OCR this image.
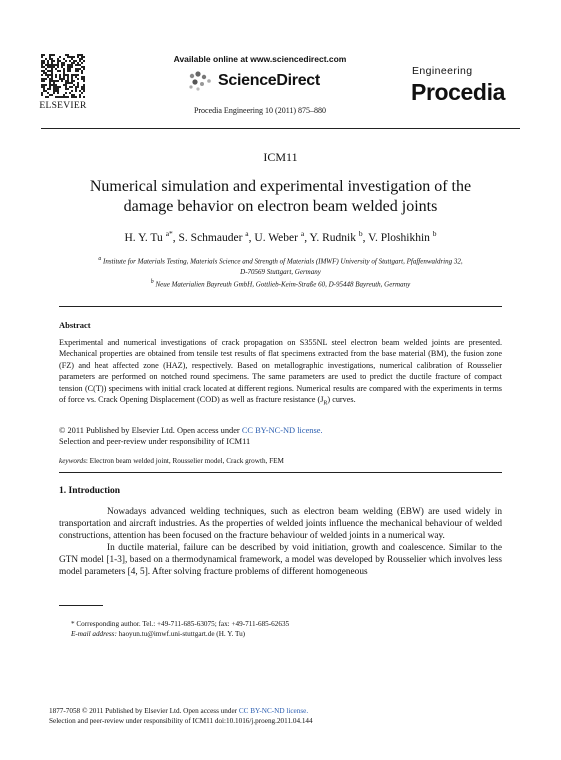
ELSEVIER
Available online at www.sciencedirect.com
ScienceDirect
Procedia Engineering 10 (2011) 875–880
Engineering
Procedia
ICM11
Numerical simulation and experimental investigation of the
damage behavior on electron beam welded joints
H. Y. Tu $^{a*}$, S. Schmauder $^a$, U. Weber $^a$, Y. Rudnik $^b$, V. Ploshikhin $^b$
$^a$ Institute for Materials Testing, Materials Science and Strength of Materials (IMWF) University of Stuttgart, Pfaffenwaldring 32,
D-70569 Stuttgart, Germany
$^b$ Neue Materialien Bayreuth GmbH, Gottlieb-Keim-Straße 60, D-95448 Bayreuth, Germany
Abstract
Experimental and numerical investigations of crack propagation on S355NL steel electron beam welded joints are presented. Mechanical properties are obtained from tensile test results of flat specimens extracted from the base material (BM), the fusion zone (FZ) and heat affected zone (HAZ), respectively. Based on metallographic investigations, numerical calibration of Rousselier parameters are performed on notched round specimens. The same parameters are used to predict the ductile fracture of compact tension (C(T)) specimens with initial crack located at different regions. Numerical results are compared with the experiments in terms of force vs. Crack Opening Displacement (COD) as well as fracture resistance $(J_R)$ curves.
© 2011 Published by Elsevier Ltd. Open access under CC BY-NC-ND license.
Selection and peer-review under responsibility of ICM11
keywords: Electron beam welded joint, Rousselier model, Crack growth, FEM
1. Introduction

Nowadays advanced welding techniques, such as electron beam welding (EBW) are used widely in transportation and aircraft industries. As the properties of welded joints influence the mechanical behaviour of welded constructions, attention has been focused on the fracture behaviour of welded joints in a numerical way.

In ductile material, failure can be described by void initiation, growth and coalescence. Similar to the GTN model [1-3], based on a thermodynamical framework, a model was developed by Rousselier which involves less model parameters [4, 5]. After solving fracture problems of different homogeneous

* Corresponding author. Tel.: +49-711-685-63075; fax: +49-711-685-62635
E-mail address: haoyun.tu@imwf.uni-stuttgart.de (H. Y. Tu)
1877-7058 © 2011 Published by Elsevier Ltd. Open access under CC BY-NC-ND license.
Selection and peer-review under responsibility of ICM11 doi:10.1016/j.proeng.2011.04.144
